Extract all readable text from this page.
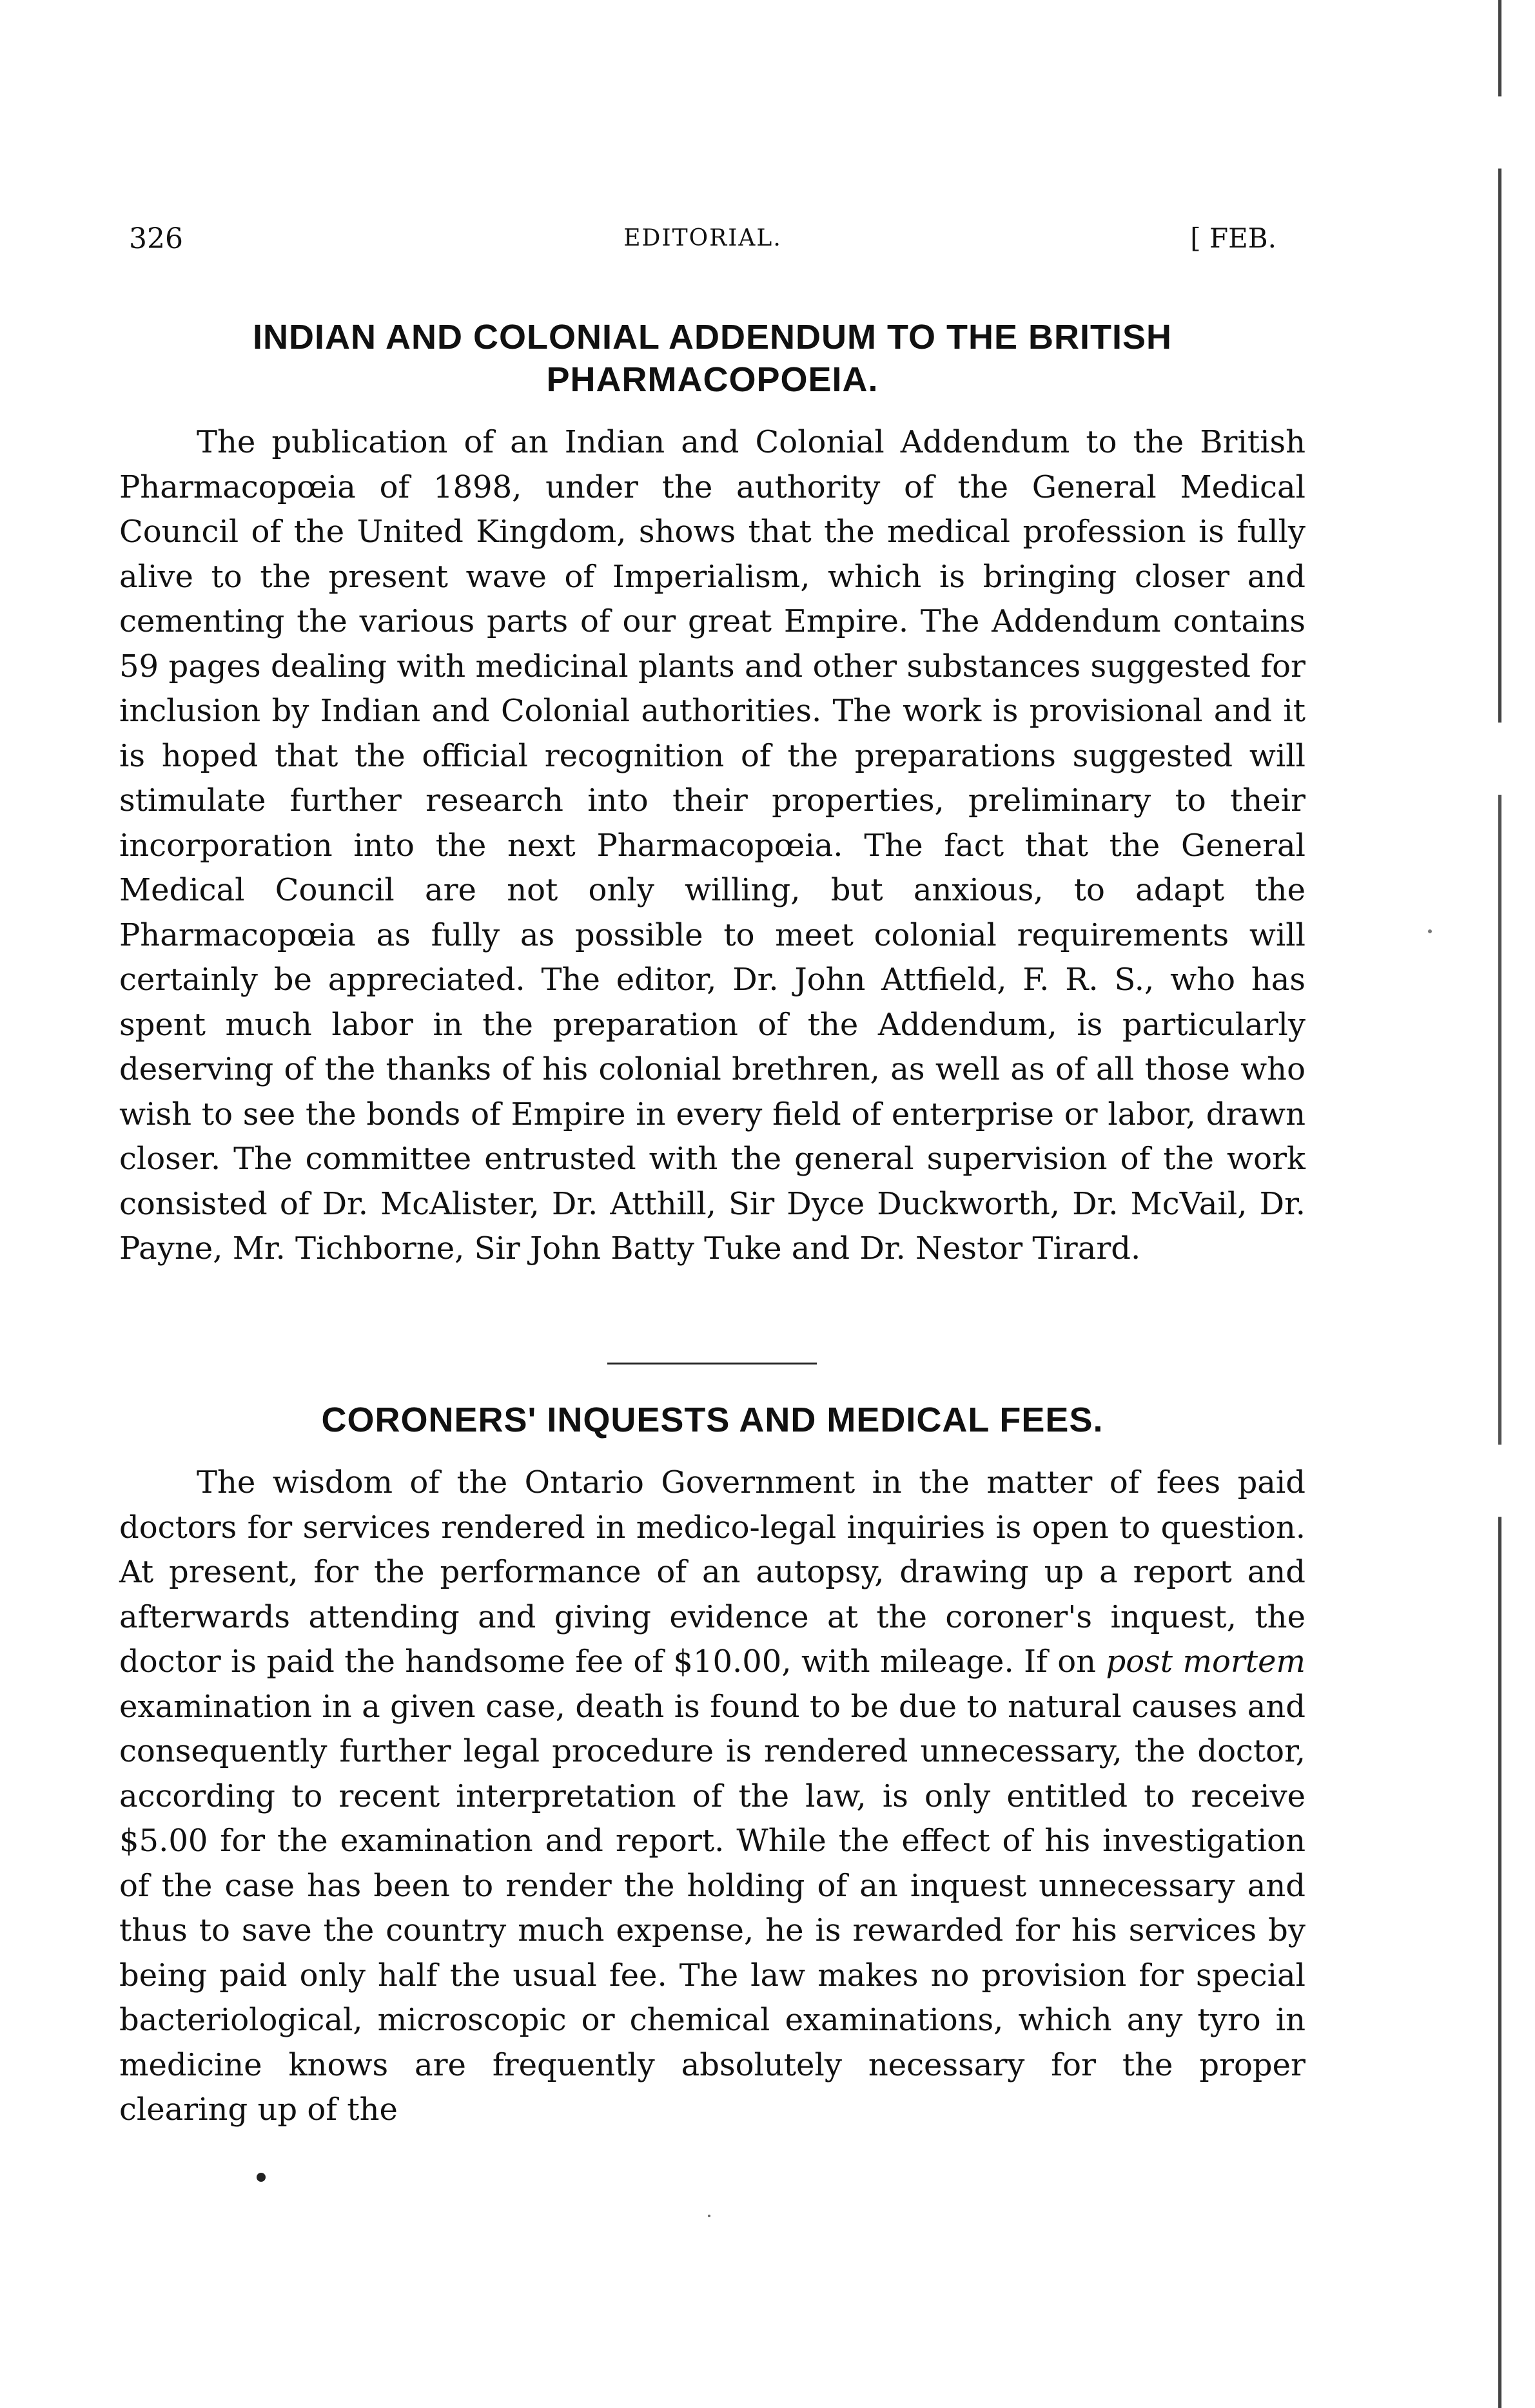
326	EDITORIAL.	[ FEB.
INDIAN AND COLONIAL ADDENDUM TO THE BRITISH PHARMACOPOEIA.

The publication of an Indian and Colonial Addendum to the British Pharmacopœia of 1898, under the authority of the General Medical Council of the United Kingdom, shows that the medical profession is fully alive to the present wave of Imperialism, which is bringing closer and cementing the various parts of our great Empire. The Addendum contains 59 pages dealing with medicinal plants and other substances suggested for inclusion by Indian and Colonial authorities. The work is provisional and it is hoped that the official recognition of the preparations suggested will stimulate further research into their properties, preliminary to their incorporation into the next Pharmacopœia. The fact that the General Medical Council are not only willing, but anxious, to adapt the Pharmacopœia as fully as possible to meet colonial requirements will certainly be appreciated. The editor, Dr. John Attfield, F. R. S., who has spent much labor in the preparation of the Addendum, is particularly deserving of the thanks of his colonial brethren, as well as of all those who wish to see the bonds of Empire in every field of enterprise or labor, drawn closer. The committee entrusted with the general supervision of the work consisted of Dr. McAlister, Dr. Atthill, Sir Dyce Duckworth, Dr. McVail, Dr. Payne, Mr. Tichborne, Sir John Batty Tuke and Dr. Nestor Tirard.

CORONERS' INQUESTS AND MEDICAL FEES.

The wisdom of the Ontario Government in the matter of fees paid doctors for services rendered in medico-legal inquiries is open to question. At present, for the performance of an autopsy, drawing up a report and afterwards attending and giving evidence at the coroner's inquest, the doctor is paid the handsome fee of $10.00, with mileage. If on post mortem examination in a given case, death is found to be due to natural causes and consequently further legal procedure is rendered unnecessary, the doctor, according to recent interpretation of the law, is only entitled to receive $5.00 for the examination and report. While the effect of his investigation of the case has been to render the holding of an inquest unnecessary and thus to save the country much expense, he is rewarded for his services by being paid only half the usual fee. The law makes no provision for special bacteriological, microscopic or chemical examinations, which any tyro in medicine knows are frequently absolutely necessary for the proper clearing up of the
